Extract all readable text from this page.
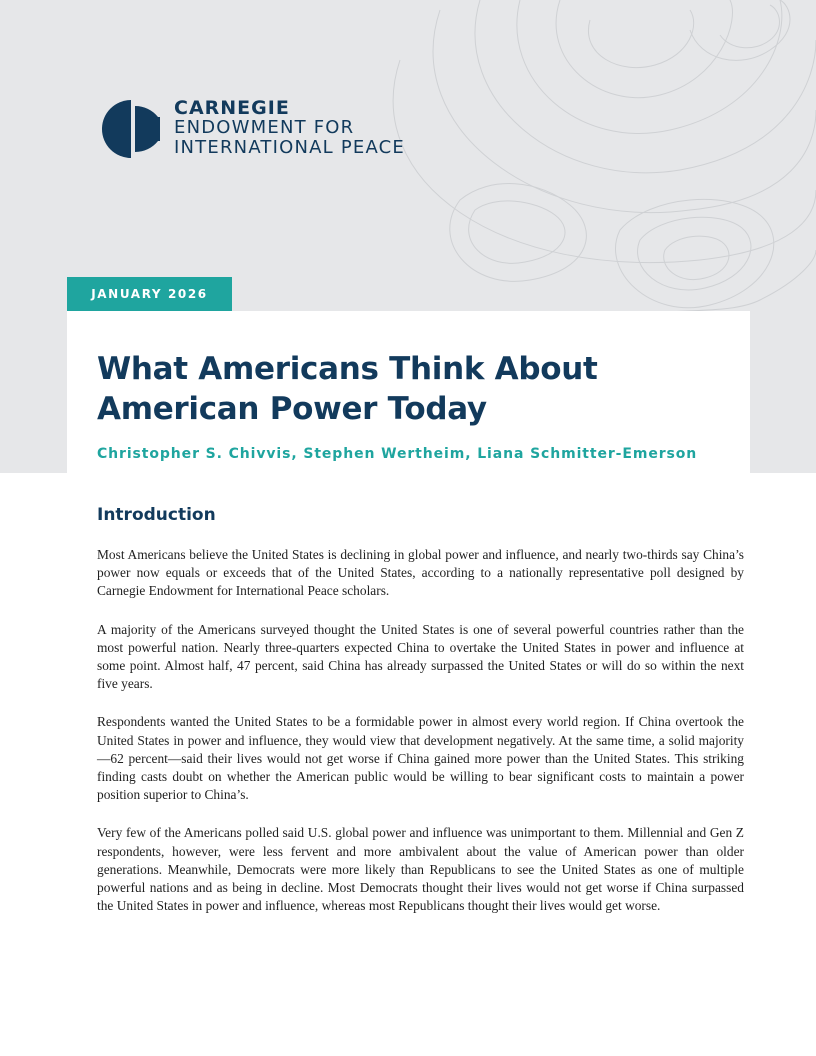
CARNEGIE
ENDOWMENT FOR
INTERNATIONAL PEACE
JANUARY 2026
What Americans Think About
American Power Today
Christopher S. Chivvis, Stephen Wertheim, Liana Schmitter-Emerson
Introduction

Most Americans believe the United States is declining in global power and influence, and nearly two-thirds say China’s power now equals or exceeds that of the United States, according to a nationally representative poll designed by Carnegie Endowment for International Peace scholars.

A majority of the Americans surveyed thought the United States is one of several powerful countries rather than the most powerful nation. Nearly three-quarters expected China to overtake the United States in power and influence at some point. Almost half, 47 percent, said China has already surpassed the United States or will do so within the next five years.

Respondents wanted the United States to be a formidable power in almost every world region. If China overtook the United States in power and influence, they would view that development negatively. At the same time, a solid majority—62 percent—said their lives would not get worse if China gained more power than the United States. This striking finding casts doubt on whether the American public would be willing to bear significant costs to maintain a power position superior to China’s.

Very few of the Americans polled said U.S. global power and influence was unimportant to them. Millennial and Gen Z respondents, however, were less fervent and more ambivalent about the value of American power than older generations. Meanwhile, Democrats were more likely than Republicans to see the United States as one of multiple powerful nations and as being in decline. Most Democrats thought their lives would not get worse if China surpassed the United States in power and influence, whereas most Republicans thought their lives would get worse.
